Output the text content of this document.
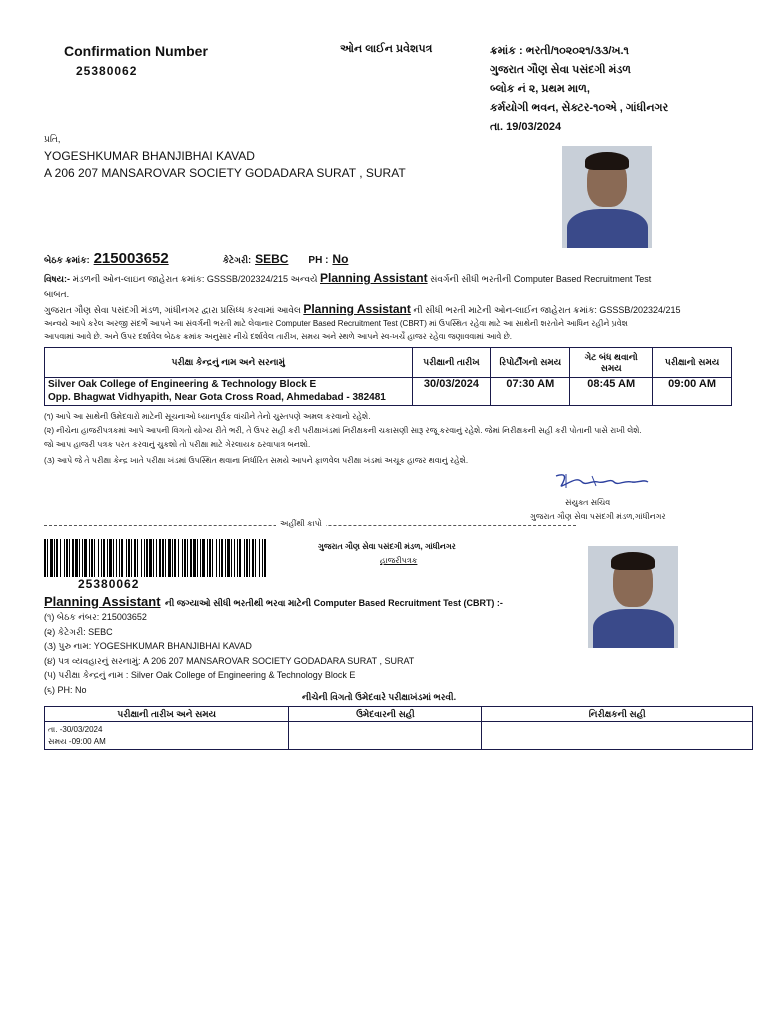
Confirmation Number
25380062
ઓન લાઈન પ્રવેશપત્ર	ક્રમાંક : ભરતી/૧૦૨૦૨૧/૩૩/ખ.૧
ગુજરાત ગૌણ સેવા પસંદગી મંડળ
બ્લોક નં ૨, પ્રથમ માળ,
કર્મયોગી ભવન, સેક્ટર-૧૦એ , ગાંધીનગર
તા. 19/03/2024
પ્રતિ,
YOGESHKUMAR BHANJIBHAI KAVAD
A 206 207 MANSAROVAR SOCIETY GODADARA SURAT , SURAT
બેઠક ક્રમાંક: 215003652	કેટેગરી: SEBC PH : No
વિષય:- મંડળની ઓન-લાઇન જાહેરાત ક્રમાંક: GSSSB/202324/215 અન્વયે Planning Assistant સંવર્ગની સીધી ભરતીની Computer Based Recruitment Test
બાબત.
ગુજરાત ગૌણ સેવા પસંદગી મંડળ, ગાંધીનગર દ્વારા પ્રસિધ્ધ કરવામાં આવેલ Planning Assistant ની સીધી ભરતી માટેની ઓન-લાઈન જાહેરાત ક્રમાંક: GSSSB/202324/215
અન્વયે આપે કરેલ અરજી સંદર્ભે આપને આ સંવર્ગની ભરતી માટે લેવાનાર Computer Based Recruitment Test (CBRT) માં ઉપસ્થિત રહેવા માટે આ સાથેની શરતોને આધિન રહીને પ્રવેશ
આપવામાં આવે છે. અને ઉપર દર્શાવેલ બેઠક ક્રમાંક અનુસાર નીચે દર્શાવેલ તારીખ, સમય અને સ્થળે આપને સ્વ-ખર્ચે હાજર રહેવા જણાવવામાં આવે છે.
પરીક્ષા કેન્દ્રનું નામ અને સરનામું	પરીક્ષાની તારીખ	રિપોર્ટીંગનો સમય	ગેટ બંધ થવાનો સમય	પરીક્ષાનો સમય

Silver Oak College of Engineering & Technology Block E
Opp. Bhagwat Vidhyapith, Near Gota Cross Road, Ahmedabad - 382481	30/03/2024	07:30 AM	08:45 AM	09:00 AM
(૧) આપે આ સાથેની ઉમેદવારો માટેની સૂચનાઓ ધ્યાનપૂર્વક વાંચીને તેનો ચુસ્તપણે અમલ કરવાનો રહેશે.
(૨) નીચેના હાજરીપત્રકમાં આપે આપની વિગતો યોગ્ય રીતે ભરી, તે ઉપર સહી કરી પરીક્ષાખંડમાં નિરીક્ષકની ચકાસણી સારૂ રજૂ કરવાનું રહેશે. જેમાં નિરીક્ષકની સહી કરી પોતાની પાસે રાખી લેશે.
જો આપ હાજરી પત્રક પરત કરવાનું ચુકશો તો પરીક્ષા માટે ગેરલાયક ઠરવાપાત્ર બનશો.
(૩) આપે જે તે પરીક્ષા કેન્દ્ર ખાતે પરીક્ષા ખંડમાં ઉપસ્થિત થવાના નિર્ધારિત સમયે આપને ફાળવેલ પરીક્ષા ખંડમાં અચૂક હાજર થવાનું રહેશે.
સંયુક્ત સચિવ
ગુજરાત ગૌણ સેવા પસંદગી મંડળ,ગાંધીનગર
અહીંથી કાપો
25380062
ગુજરાત ગૌણ સેવા પસંદગી મંડળ, ગાંધીનગર
હાજરીપત્રક
Planning Assistant ની જગ્યાઓ સીધી ભરતીથી ભરવા માટેની Computer Based Recruitment Test (CBRT) :-
(૧) બેઠક નંબર: 215003652
(૨) કેટેગરી: SEBC
(૩) પુરુ નામ: YOGESHKUMAR BHANJIBHAI KAVAD
(૪) પત્ર વ્યવહારનું સરનામું: A 206 207 MANSAROVAR SOCIETY GODADARA SURAT , SURAT
(૫) પરીક્ષા કેન્દ્રનું નામ : Silver Oak College of Engineering & Technology Block E
(૬) PH: No
નીચેની વિગતો ઉમેદવારે પરીક્ષાખંડમાં ભરવી.
પરીક્ષાની તારીખ અને સમય	ઉમેદવારની સહી	નિરીક્ષકની સહી

તા. -30/03/2024
સમય -09:00 AM		
